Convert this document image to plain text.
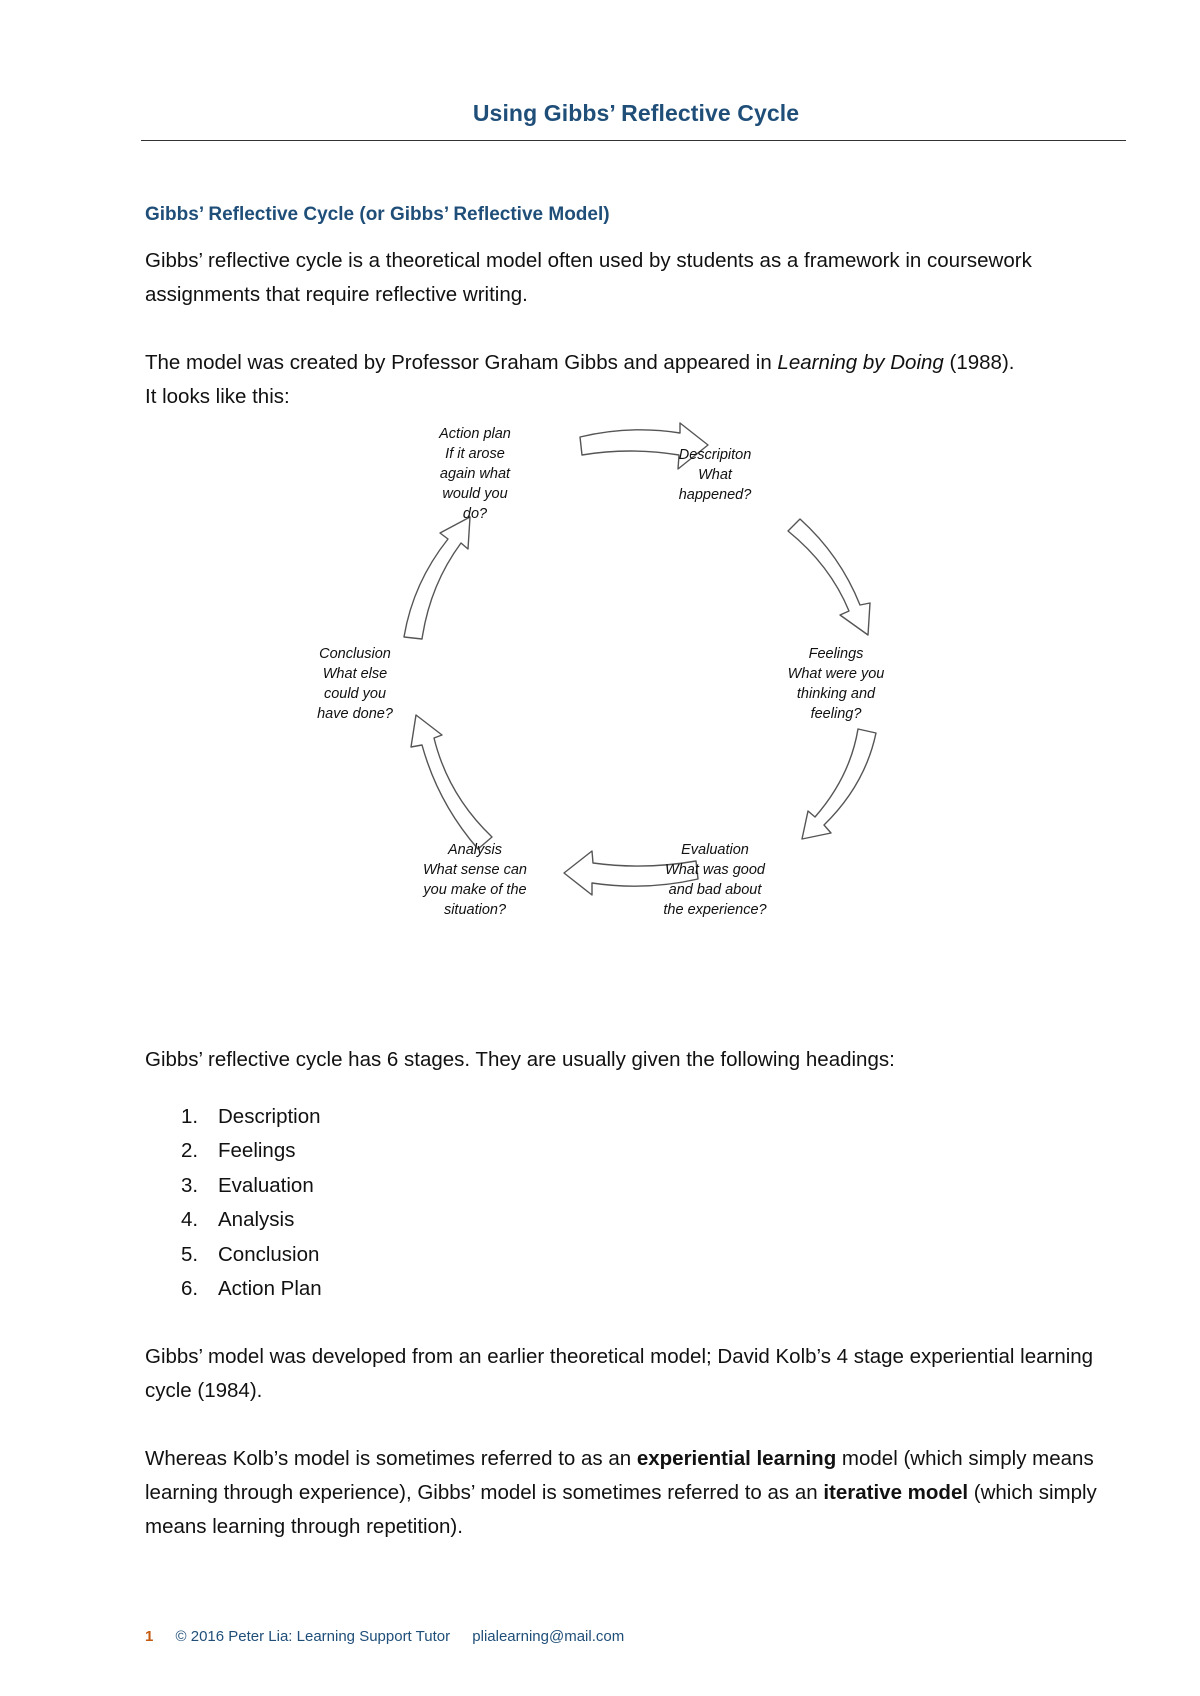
Using Gibbs’ Reflective Cycle
Gibbs’ Reflective Cycle (or Gibbs’ Reflective Model)
Gibbs’ reflective cycle is a theoretical model often used by students as a framework in coursework assignments that require reflective writing.
The model was created by Professor Graham Gibbs and appeared in Learning by Doing (1988).
It looks like this:
Descripiton
What happened?
Feelings
What were you thinking and feeling?
Evaluation
What was good and bad about the experience?
Analysis
What sense can you make of the situation?
Conclusion
What else could you have done?
Action plan
If it arose again what would you do?
Gibbs’ reflective cycle has 6 stages. They are usually given the following headings:
1. Description
2. Feelings
3. Evaluation
4. Analysis
5. Conclusion
6. Action Plan
Gibbs’ model was developed from an earlier theoretical model; David Kolb’s 4 stage experiential learning cycle (1984).
Whereas Kolb’s model is sometimes referred to as an experiential learning model (which simply means learning through experience), Gibbs’ model is sometimes referred to as an iterative model (which simply means learning through repetition).
1 © 2016 Peter Lia: Learning Support Tutor plialearning@mail.com
